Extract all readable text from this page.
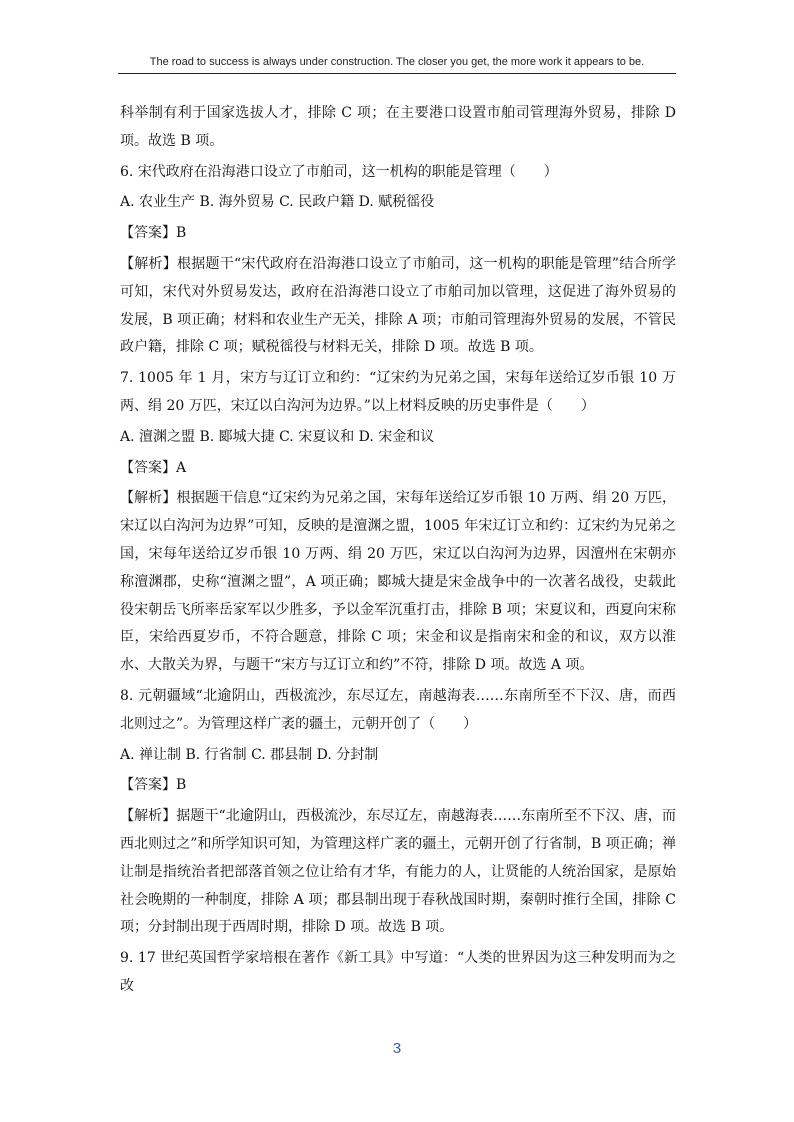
The road to success is always under construction. The closer you get, the more work it appears to be.

科举制有利于国家选拔人才，排除 C 项；在主要港口设置市舶司管理海外贸易，排除 D 项。故选 B 项。

6. 宋代政府在沿海港口设立了市舶司，这一机构的职能是管理（　　）

A. 农业生产 B. 海外贸易 C. 民政户籍 D. 赋税徭役

【答案】B

【解析】根据题干“宋代政府在沿海港口设立了市舶司，这一机构的职能是管理”结合所学可知，宋代对外贸易发达，政府在沿海港口设立了市舶司加以管理，这促进了海外贸易的发展，B 项正确；材料和农业生产无关，排除 A 项；市舶司管理海外贸易的发展，不管民政户籍，排除 C 项；赋税徭役与材料无关，排除 D 项。故选 B 项。

7. 1005 年 1 月，宋方与辽订立和约：“辽宋约为兄弟之国，宋每年送给辽岁币银 10 万两、绢 20 万匹，宋辽以白沟河为边界。”以上材料反映的历史事件是（　　）

A. 澶渊之盟 B. 郾城大捷 C. 宋夏议和 D. 宋金和议

【答案】A

【解析】根据题干信息“辽宋约为兄弟之国，宋每年送给辽岁币银 10 万两、绢 20 万匹，宋辽以白沟河为边界”可知，反映的是澶渊之盟，1005 年宋辽订立和约：辽宋约为兄弟之国，宋每年送给辽岁币银 10 万两、绢 20 万匹，宋辽以白沟河为边界，因澶州在宋朝亦称澶渊郡，史称“澶渊之盟”，A 项正确；郾城大捷是宋金战争中的一次著名战役，史载此役宋朝岳飞所率岳家军以少胜多，予以金军沉重打击，排除 B 项；宋夏议和，西夏向宋称臣，宋给西夏岁币，不符合题意，排除 C 项；宋金和议是指南宋和金的和议，双方以淮水、大散关为界，与题干“宋方与辽订立和约”不符，排除 D 项。故选 A 项。

8. 元朝疆域“北逾阴山，西极流沙，东尽辽左，南越海表……东南所至不下汉、唐，而西北则过之”。为管理这样广袤的疆土，元朝开创了（　　）

A. 禅让制 B. 行省制 C. 郡县制 D. 分封制

【答案】B

【解析】据题干“北逾阴山，西极流沙，东尽辽左，南越海表……东南所至不下汉、唐，而西北则过之”和所学知识可知，为管理这样广袤的疆土，元朝开创了行省制，B 项正确；禅让制是指统治者把部落首领之位让给有才华，有能力的人，让贤能的人统治国家，是原始社会晚期的一种制度，排除 A 项；郡县制出现于春秋战国时期，秦朝时推行全国，排除 C 项；分封制出现于西周时期，排除 D 项。故选 B 项。

9. 17 世纪英国哲学家培根在著作《新工具》中写道：“人类的世界因为这三种发明而为之改

3
